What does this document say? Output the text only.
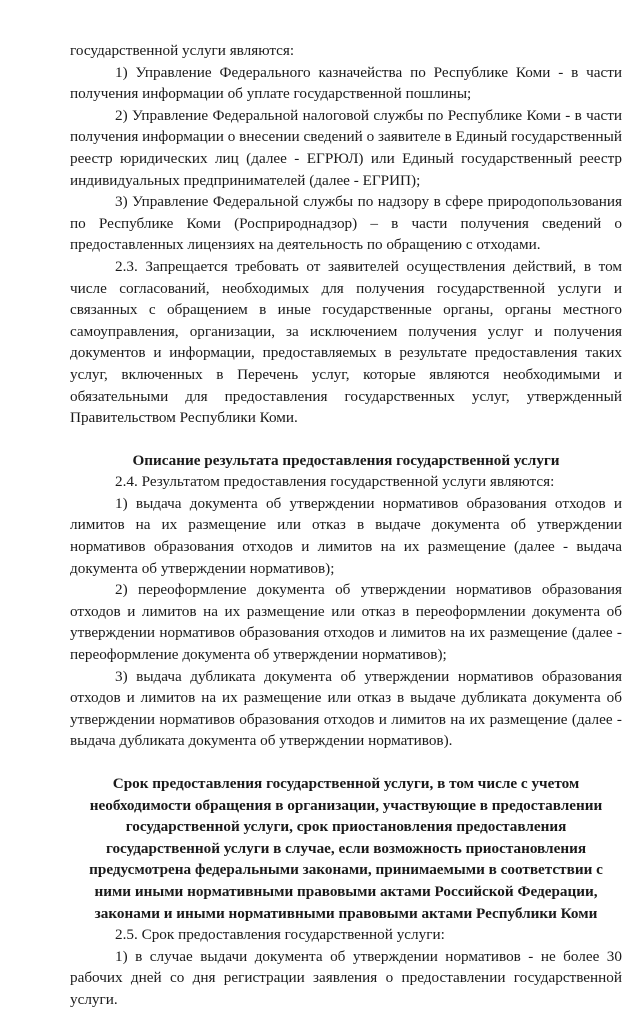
государственной услуги являются:

1) Управление Федерального казначейства по Республике Коми - в части получения информации об уплате государственной пошлины;

2) Управление Федеральной налоговой службы по Республике Коми - в части получения информации о внесении сведений о заявителе в Единый государственный реестр юридических лиц (далее - ЕГРЮЛ) или Единый государственный реестр индивидуальных предпринимателей (далее - ЕГРИП);

3) Управление Федеральной службы по надзору в сфере природопользования по Республике Коми (Росприроднадзор) – в части получения сведений о предоставленных лицензиях на деятельность по обращению с отходами.

2.3. Запрещается требовать от заявителей осуществления действий, в том числе согласований, необходимых для получения государственной услуги и связанных с обращением в иные государственные органы, органы местного самоуправления, организации, за исключением получения услуг и получения документов и информации, предоставляемых в результате предоставления таких услуг, включенных в Перечень услуг, которые являются необходимыми и обязательными для предоставления государственных услуг, утвержденный Правительством Республики Коми.

Описание результата предоставления государственной услуги

2.4. Результатом предоставления государственной услуги являются:

1) выдача документа об утверждении нормативов образования отходов и лимитов на их размещение или отказ в выдаче документа об утверждении нормативов образования отходов и лимитов на их размещение (далее - выдача документа об утверждении нормативов);

2) переоформление документа об утверждении нормативов образования отходов и лимитов на их размещение или отказ в переоформлении документа об утверждении нормативов образования отходов и лимитов на их размещение (далее - переоформление документа об утверждении нормативов);

3) выдача дубликата документа об утверждении нормативов образования отходов и лимитов на их размещение или отказ в выдаче дубликата документа об утверждении нормативов образования отходов и лимитов на их размещение (далее - выдача дубликата документа об утверждении нормативов).

Срок предоставления государственной услуги, в том числе с учетом необходимости обращения в организации, участвующие в предоставлении государственной услуги, срок приостановления предоставления государственной услуги в случае, если возможность приостановления предусмотрена федеральными законами, принимаемыми в соответствии с ними иными нормативными правовыми актами Российской Федерации, законами и иными нормативными правовыми актами Республики Коми

2.5. Срок предоставления государственной услуги:

1) в случае выдачи документа об утверждении нормативов - не более 30 рабочих дней со дня регистрации заявления о предоставлении государственной услуги.
